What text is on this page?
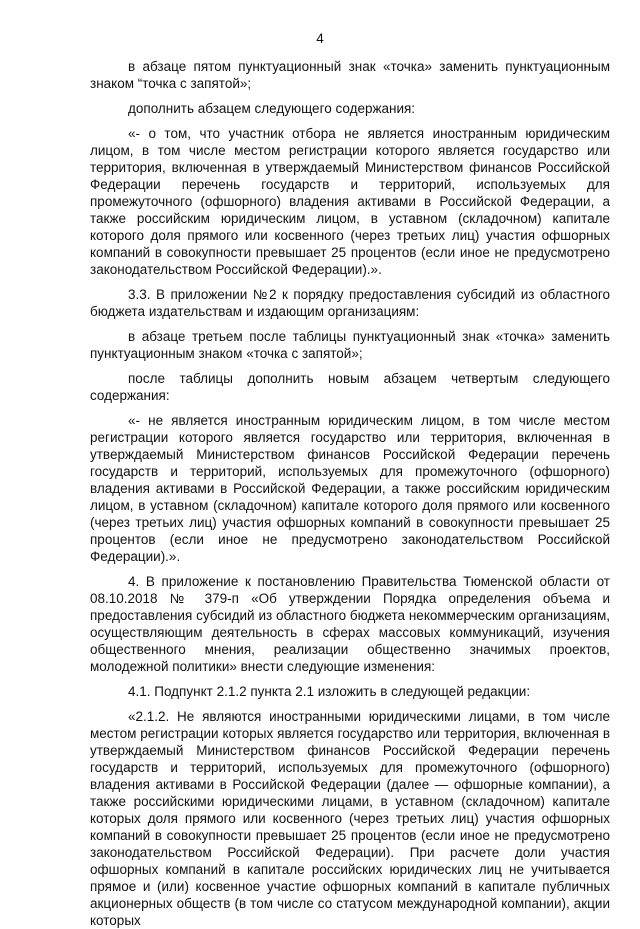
4

в абзаце пятом пунктуационный знак «точка» заменить пунктуационным знаком “точка с запятой»;

дополнить абзацем следующего содержания:

«- о том, что участник отбора не является иностранным юридическим лицом, в том числе местом регистрации которого является государство или территория, включенная в утверждаемый Министерством финансов Российской Федерации перечень государств и территорий, используемых для промежуточного (офшорного) владения активами в Российской Федерации, а также российским юридическим лицом, в уставном (складочном) капитале которого доля прямого или косвенного (через третьих лиц) участия офшорных компаний в совокупности превышает 25 процентов (если иное не предусмотрено законодательством Российской Федерации).».

3.3. В приложении №2 к порядку предоставления субсидий из областного бюджета издательствам и издающим организациям:

в абзаце третьем после таблицы пунктуационный знак «точка» заменить пунктуационным знаком «точка с запятой»;

после таблицы дополнить новым абзацем четвертым следующего содержания:

«- не является иностранным юридическим лицом, в том числе местом регистрации которого является государство или территория, включенная в утверждаемый Министерством финансов Российской Федерации перечень государств и территорий, используемых для промежуточного (офшорного) владения активами в Российской Федерации, а также российским юридическим лицом, в уставном (складочном) капитале которого доля прямого или косвенного (через третьих лиц) участия офшорных компаний в совокупности превышает 25 процентов (если иное не предусмотрено законодательством Российской Федерации).».

4. В приложение к постановлению Правительства Тюменской области от 08.10.2018 № 379-п «Об утверждении Порядка определения объема и предоставления субсидий из областного бюджета некоммерческим организациям, осуществляющим деятельность в сферах массовых коммуникаций, изучения общественного мнения, реализации общественно значимых проектов, молодежной политики» внести следующие изменения:

4.1. Подпункт 2.1.2 пункта 2.1 изложить в следующей редакции:

«2.1.2. Не являются иностранными юридическими лицами, в том числе местом регистрации которых является государство или территория, включенная в утверждаемый Министерством финансов Российской Федерации перечень государств и территорий, используемых для промежуточного (офшорного) владения активами в Российской Федерации (далее — офшорные компании), а также российскими юридическими лицами, в уставном (складочном) капитале которых доля прямого или косвенного (через третьих лиц) участия офшорных компаний в совокупности превышает 25 процентов (если иное не предусмотрено законодательством Российской Федерации). При расчете доли участия офшорных компаний в капитале российских юридических лиц не учитывается прямое и (или) косвенное участие офшорных компаний в капитале публичных акционерных обществ (в том числе со статусом международной компании), акции которых
